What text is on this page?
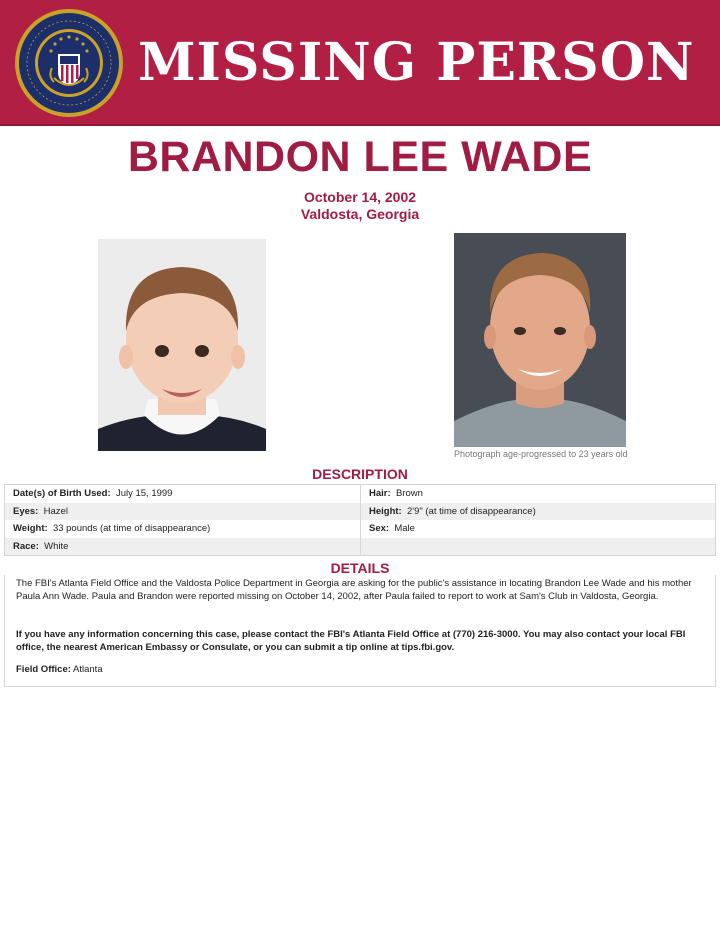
MISSING PERSON
BRANDON LEE WADE
October 14, 2002
Valdosta, Georgia
Photograph age-progressed to 23 years old
DESCRIPTION
Date(s) of Birth Used: July 15, 1999	Hair: Brown
Eyes: Hazel	Height: 2'9" (at time of disappearance)
Weight: 33 pounds (at time of disappearance)	Sex: Male
Race: White
DETAILS
The FBI's Atlanta Field Office and the Valdosta Police Department in Georgia are asking for the public's assistance in locating Brandon Lee Wade and his mother Paula Ann Wade. Paula and Brandon were reported missing on October 14, 2002, after Paula failed to report to work at Sam's Club in Valdosta, Georgia.
If you have any information concerning this case, please contact the FBI's Atlanta Field Office at (770) 216-3000. You may also contact your local FBI office, the nearest American Embassy or Consulate, or you can submit a tip online at tips.fbi.gov.
Field Office: Atlanta
